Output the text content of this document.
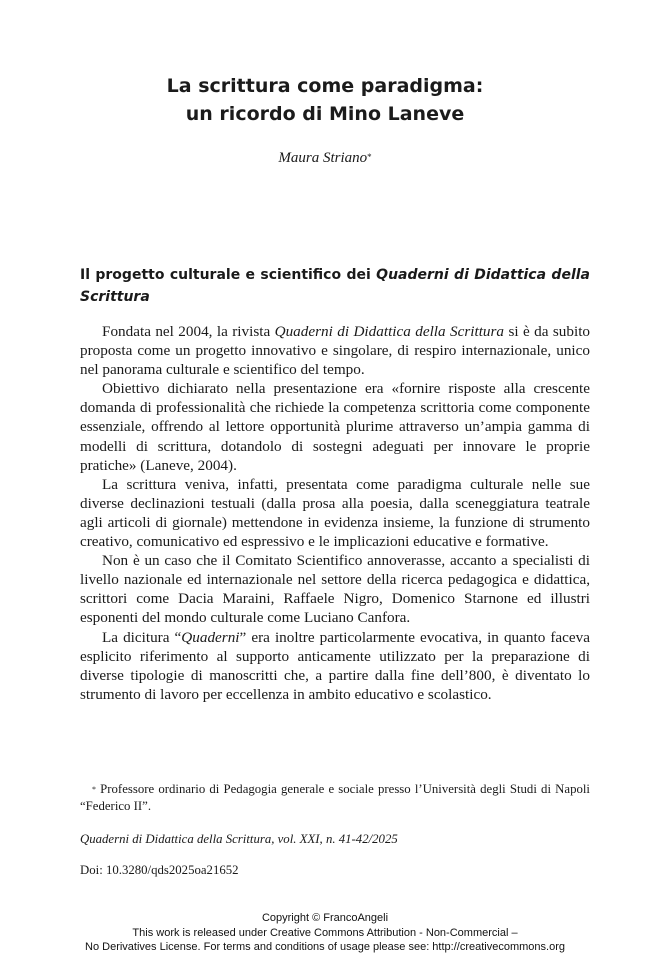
La scrittura come paradigma:
un ricordo di Mino Laneve
Maura Striano*
Il progetto culturale e scientifico dei Quaderni di Didattica della Scrittura

Fondata nel 2004, la rivista Quaderni di Didattica della Scrittura si è da subito proposta come un progetto innovativo e singolare, di respiro internazionale, unico nel panorama culturale e scientifico del tempo.

Obiettivo dichiarato nella presentazione era «fornire risposte alla crescente domanda di professionalità che richiede la competenza scrittoria come componente essenziale, offrendo al lettore opportunità plurime attraverso un’ampia gamma di modelli di scrittura, dotandolo di sostegni adeguati per innovare le proprie pratiche» (Laneve, 2004).

La scrittura veniva, infatti, presentata come paradigma culturale nelle sue diverse declinazioni testuali (dalla prosa alla poesia, dalla sceneggiatura teatrale agli articoli di giornale) mettendone in evidenza insieme, la funzione di strumento creativo, comunicativo ed espressivo e le implicazioni educative e formative.

Non è un caso che il Comitato Scientifico annoverasse, accanto a specialisti di livello nazionale ed internazionale nel settore della ricerca pedagogica e didattica, scrittori come Dacia Maraini, Raffaele Nigro, Domenico Starnone ed illustri esponenti del mondo culturale come Luciano Canfora.

La dicitura “Quaderni” era inoltre particolarmente evocativa, in quanto faceva esplicito riferimento al supporto anticamente utilizzato per la preparazione di diverse tipologie di manoscritti che, a partire dalla fine dell’800, è diventato lo strumento di lavoro per eccellenza in ambito educativo e scolastico.

* Professore ordinario di Pedagogia generale e sociale presso l’Università degli Studi di Napoli “Federico II”.
Quaderni di Didattica della Scrittura, vol. XXI, n. 41-42/2025
Doi: 10.3280/qds2025oa21652
Copyright © FrancoAngeli
This work is released under Creative Commons Attribution - Non-Commercial –
No Derivatives License. For terms and conditions of usage please see: http://creativecommons.org
